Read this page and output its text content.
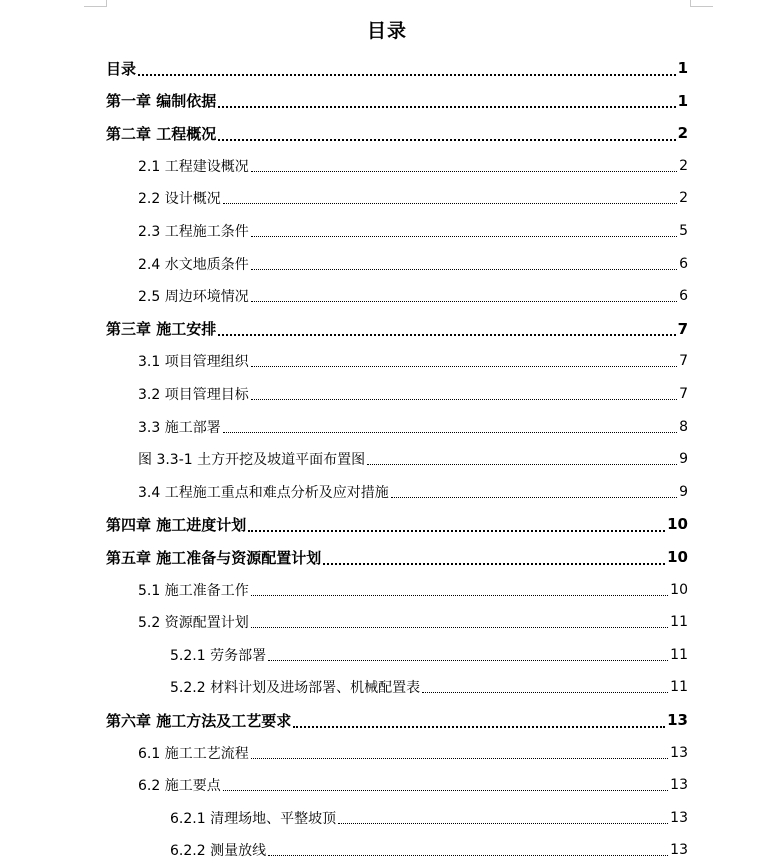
目录
目录	1
第一章 编制依据	1
第二章 工程概况	2
2.1 工程建设概况	2
2.2 设计概况	2
2.3 工程施工条件	5
2.4 水文地质条件	6
2.5 周边环境情况	6
第三章 施工安排	7
3.1 项目管理组织	7
3.2 项目管理目标	7
3.3 施工部署	8
图 3.3-1 土方开挖及坡道平面布置图	9
3.4 工程施工重点和难点分析及应对措施	9
第四章 施工进度计划	10
第五章 施工准备与资源配置计划	10
5.1 施工准备工作	10
5.2 资源配置计划	11
5.2.1 劳务部署	11
5.2.2 材料计划及进场部署、机械配置表	11
第六章 施工方法及工艺要求	13
6.1 施工工艺流程	13
6.2 施工要点	13
6.2.1 清理场地、平整坡顶	13
6.2.2 测量放线	13
